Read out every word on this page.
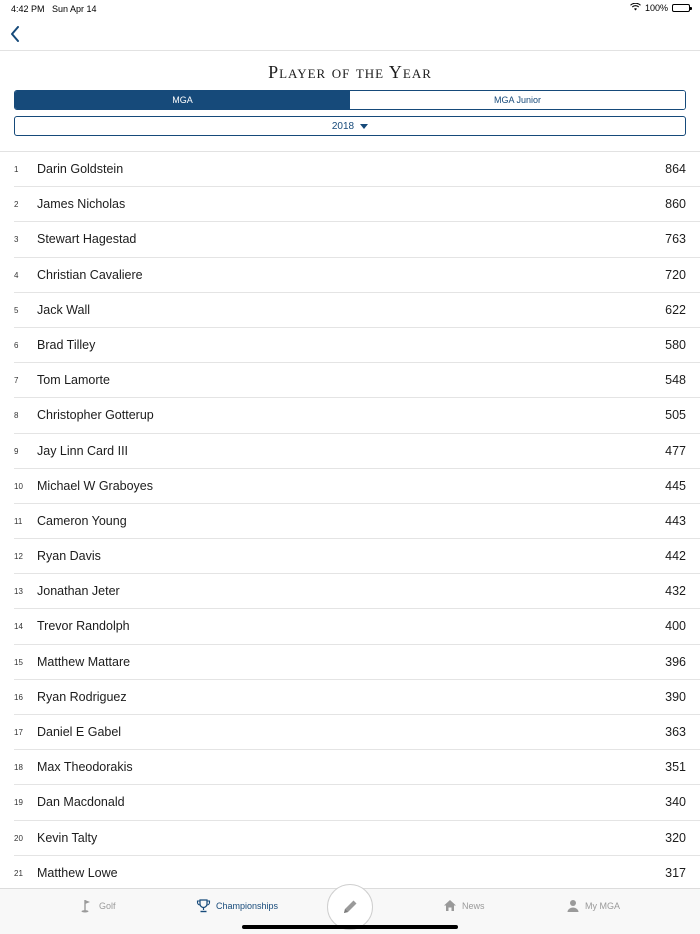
4:42 PM Sun Apr 14	100%
Player of the Year
MGA	MGA Junior
2018
1 Darin Goldstein	864
2 James Nicholas	860
3 Stewart Hagestad	763
4 Christian Cavaliere	720
5 Jack Wall	622
6 Brad Tilley	580
7 Tom Lamorte	548
8 Christopher Gotterup	505
9 Jay Linn Card III	477
10 Michael W Graboyes	445
11 Cameron Young	443
12 Ryan Davis	442
13 Jonathan Jeter	432
14 Trevor Randolph	400
15 Matthew Mattare	396
16 Ryan Rodriguez	390
17 Daniel E Gabel	363
18 Max Theodorakis	351
19 Dan Macdonald	340
20 Kevin Talty	320
21 Matthew Lowe	317
Golf	Championships	News	My MGA
